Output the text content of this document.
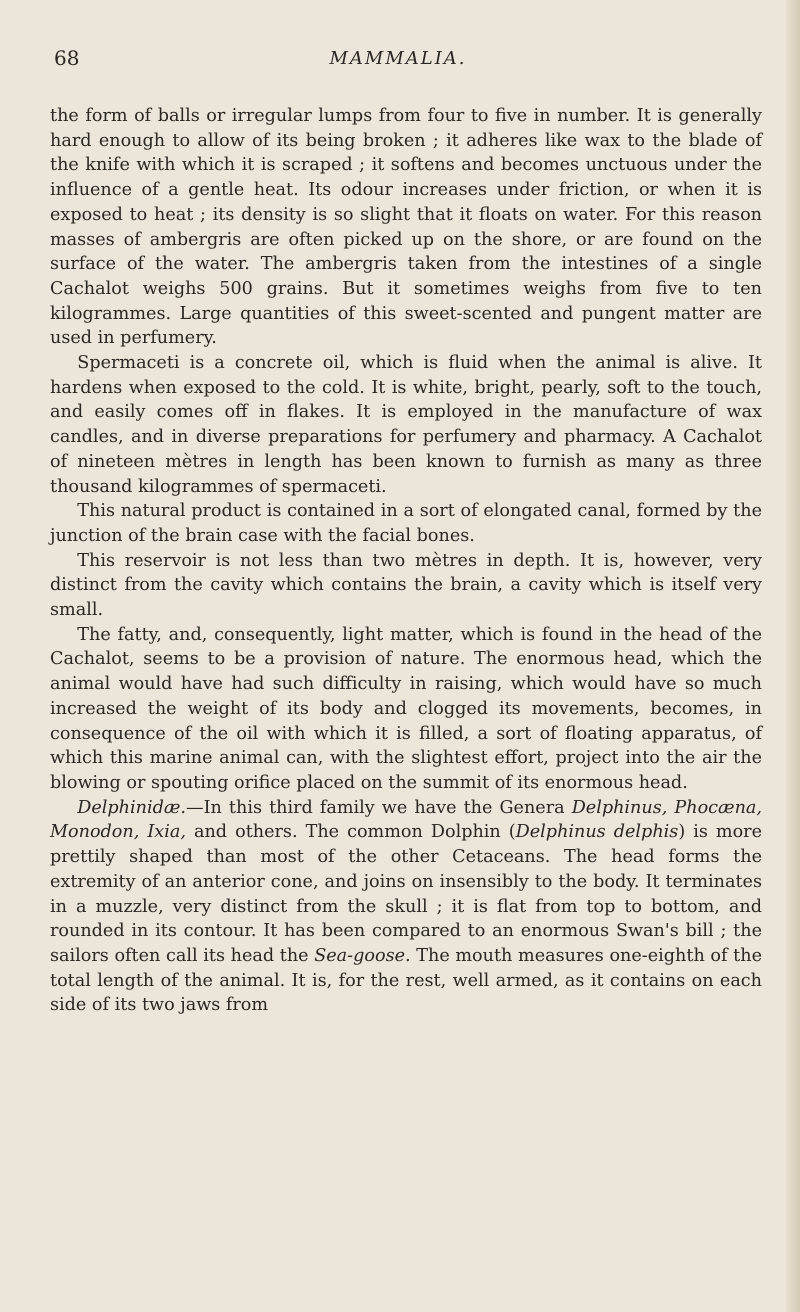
68	MAMMALIA.

the form of balls or irregular lumps from four to five in number. It is generally hard enough to allow of its being broken ; it adheres like wax to the blade of the knife with which it is scraped ; it softens and becomes unctuous under the influence of a gentle heat. Its odour increases under friction, or when it is exposed to heat ; its density is so slight that it floats on water. For this reason masses of ambergris are often picked up on the shore, or are found on the surface of the water. The ambergris taken from the intestines of a single Cachalot weighs 500 grains. But it sometimes weighs from five to ten kilogrammes. Large quantities of this sweet-scented and pungent matter are used in perfumery.

Spermaceti is a concrete oil, which is fluid when the animal is alive. It hardens when exposed to the cold. It is white, bright, pearly, soft to the touch, and easily comes off in flakes. It is employed in the manufacture of wax candles, and in diverse preparations for perfumery and pharmacy. A Cachalot of nineteen mètres in length has been known to furnish as many as three thousand kilogrammes of spermaceti.

This natural product is contained in a sort of elongated canal, formed by the junction of the brain case with the facial bones.

This reservoir is not less than two mètres in depth. It is, however, very distinct from the cavity which contains the brain, a cavity which is itself very small.

The fatty, and, consequently, light matter, which is found in the head of the Cachalot, seems to be a provision of nature. The enormous head, which the animal would have had such difficulty in raising, which would have so much increased the weight of its body and clogged its movements, becomes, in consequence of the oil with which it is filled, a sort of floating apparatus, of which this marine animal can, with the slightest effort, project into the air the blowing or spouting orifice placed on the summit of its enormous head.

Delphinidæ.—In this third family we have the Genera Delphinus, Phocæna, Monodon, Ixia, and others. The common Dolphin (Delphinus delphis) is more prettily shaped than most of the other Cetaceans. The head forms the extremity of an anterior cone, and joins on insensibly to the body. It terminates in a muzzle, very distinct from the skull ; it is flat from top to bottom, and rounded in its contour. It has been compared to an enormous Swan's bill ; the sailors often call its head the Sea-goose. The mouth measures one-eighth of the total length of the animal. It is, for the rest, well armed, as it contains on each side of its two jaws from
